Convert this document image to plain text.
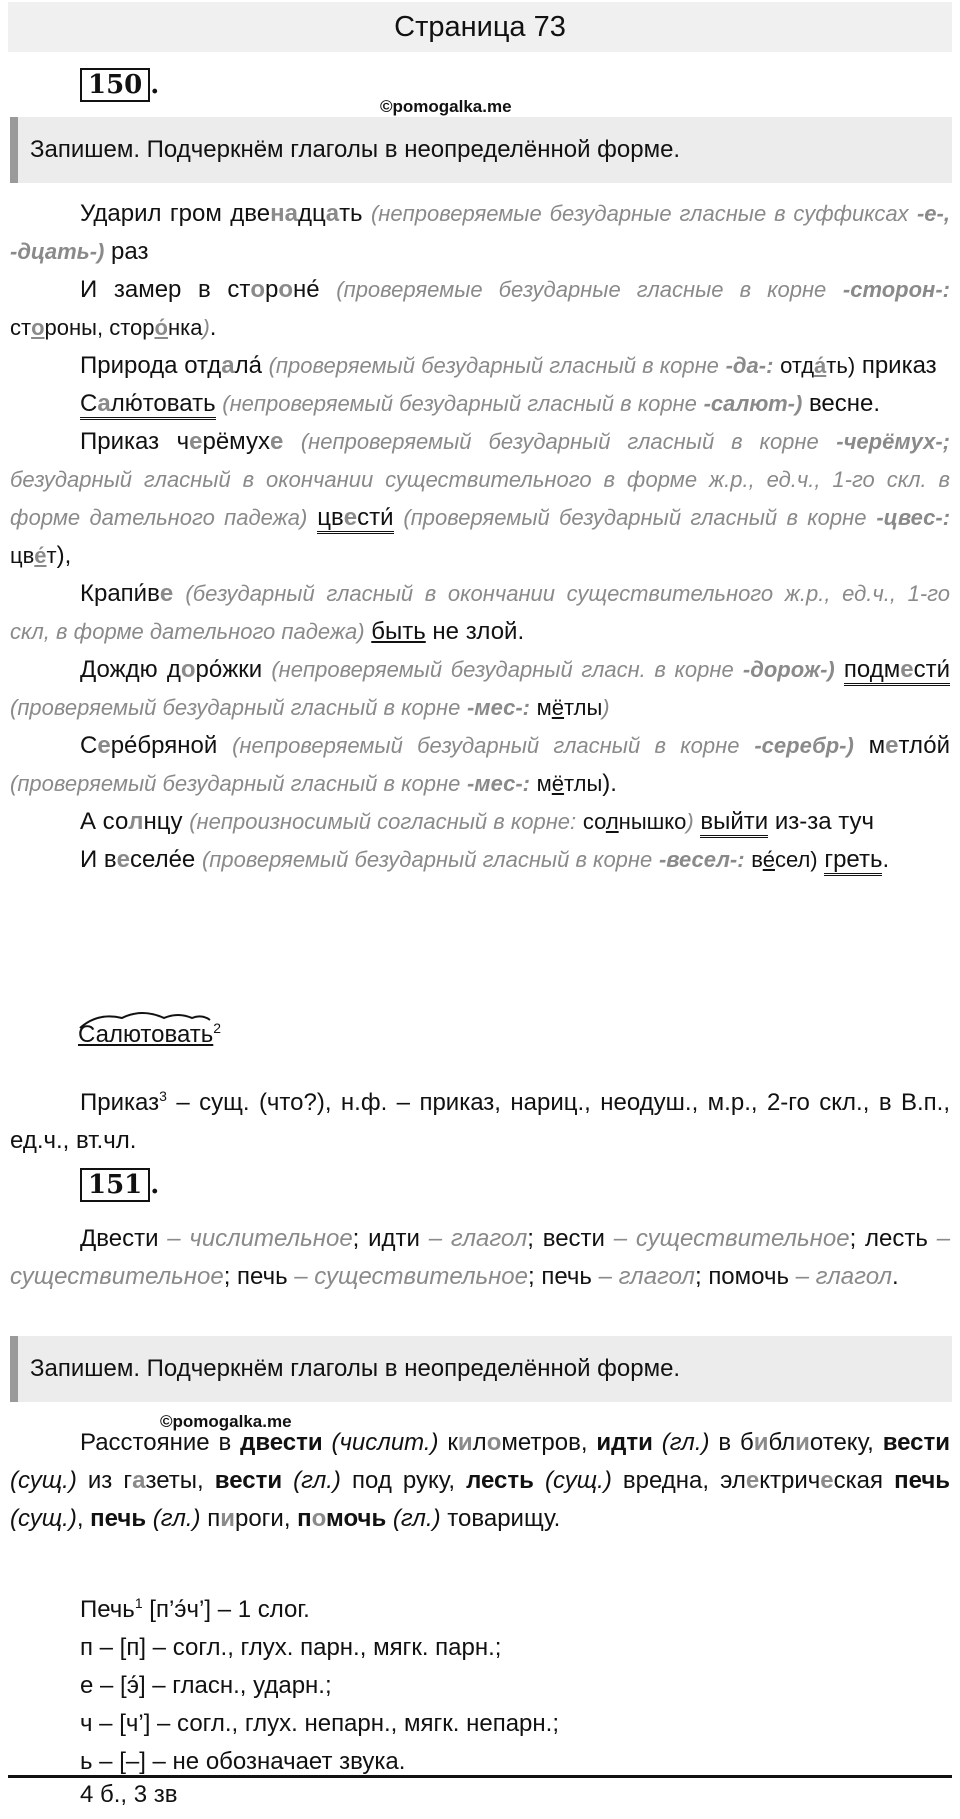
Страница 73
150 .
©pomogalka.me
Запишем. Подчеркнём глаголы в неопределённой форме.

Ударил гром двенадцать (непроверяемые безударные гласные в суффиксах -е-, -дцать-) раз

И замер в стороне́ (проверяемые безударные гласные в корне -сторон-: стороны, сторо́нка).

Природа отдала́ (проверяемый безударный гласный в корне -да-: отда́ть) приказ

Салю́товать (непроверяемый безударный гласный в корне -салют-) весне.

Приказ черёмухе (непроверяемый безударный гласный в корне -черёмух-; безударный гласный в окончании существительного в форме ж.р., ед.ч., 1-го скл. в форме дательного падежа) цвести́ (проверяемый безударный гласный в корне -цвес-: цве́т),

Крапи́ве (безударный гласный в окончании существительного ж.р., ед.ч., 1-го скл, в форме дательного падежа) быть не злой.

Дождю доро́жки (непроверяемый безударный гласн. в корне -дорож-) подмести́ (проверяемый безударный гласный в корне -мес-: мётлы)

Сере́бряной (непроверяемый безударный гласный в корне -серебр-) метло́й (проверяемый безударный гласный в корне -мес-: мётлы).

А солнцу (непроизносимый согласный в корне: солнышко) выйти из-за туч

И веселе́е (проверяемый безударный гласный в корне -весел-: ве́сел) греть.

Салютовать$^2$

Приказ$^3$ – сущ. (что?), н.ф. – приказ, нариц., неодуш., м.р., 2-го скл., в В.п., ед.ч., вт.чл.

151 .

Двести – числительное; идти – глагол; вести – существительное; лесть – существительное; печь – существительное; печь – глагол; помочь – глагол.

Запишем. Подчеркнём глаголы в неопределённой форме.
©pomogalka.me

Расстояние в двести (числит.) километров, идти (гл.) в библиотеку, вести (сущ.) из газеты, вести (гл.) под руку, лесть (сущ.) вредна, электрическая печь (сущ.), печь (гл.) пироги, помочь (гл.) товарищу.

Печь$^1$ [п’э́ч’] – 1 слог.

п – [п] – согл., глух. парн., мягк. парн.;

е – [э́] – гласн., ударн.;

ч – [ч’] – согл., глух. непарн., мягк. непарн.;

ь – [–] – не обозначает звука.

4 б., 3 зв
